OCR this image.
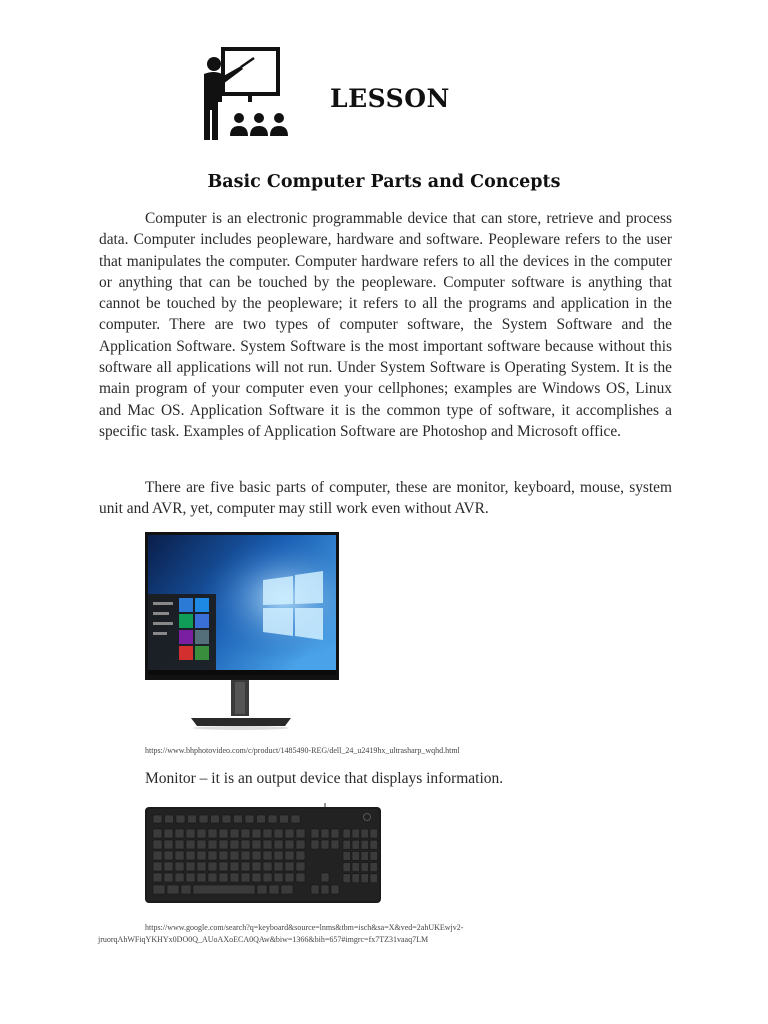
LESSON
Basic Computer Parts and Concepts

Computer is an electronic programmable device that can store, retrieve and process data. Computer includes peopleware, hardware and software. Peopleware refers to the user that manipulates the computer. Computer hardware refers to all the devices in the computer or anything that can be touched by the peopleware. Computer software is anything that cannot be touched by the peopleware; it refers to all the programs and application in the computer. There are two types of computer software, the System Software and the Application Software. System Software is the most important software because without this software all applications will not run. Under System Software is Operating System. It is the main program of your computer even your cellphones; examples are Windows OS, Linux and Mac OS. Application Software it is the common type of software, it accomplishes a specific task. Examples of Application Software are Photoshop and Microsoft office.

There are five basic parts of computer, these are monitor, keyboard, mouse, system unit and AVR, yet, computer may still work even without AVR.

https://www.bhphotovideo.com/c/product/1485490-REG/dell_24_u2419hx_ultrasharp_wqhd.html
Monitor – it is an output device that displays information.
https://www.google.com/search?q=keyboard&source=lnms&tbm=isch&sa=X&ved=2ahUKEwjv2-
jruorqAhWFiqYKHYx0DO0Q_AUoAXoECA0QAw&biw=1366&bih=657#imgrc=fx7TZ31vaaq7LM
